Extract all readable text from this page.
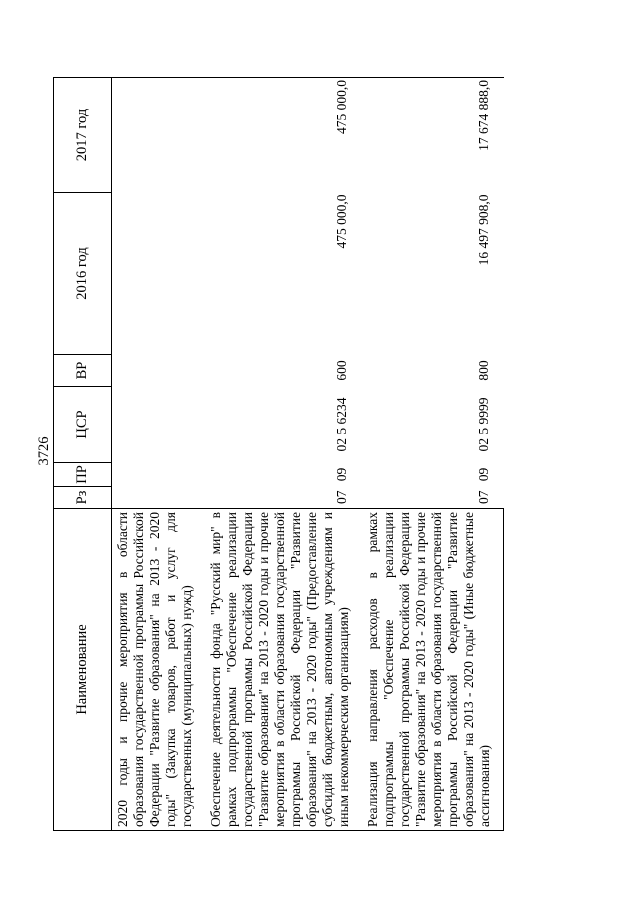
3726
Наименование	Рз	ПР	ЦСР	ВР	2016 год	2017 год
2020 годы и прочие мероприятия в области образования государственной программы Российской Федерации "Развитие образования" на 2013 - 2020 годы" (Закупка товаров, работ и услуг для государственных (муниципальных) нужд)						
Обеспечение деятельности фонда "Русский мир" в рамках подпрограммы "Обеспечение реализации государственной программы Российской Федерации "Развитие образования" на 2013 - 2020 годы и прочие мероприятия в области образования государственной программы Российской Федерации "Развитие образования" на 2013 - 2020 годы" (Предоставление субсидий бюджетным, автономным учреждениям и иным некоммерческим организациям)	07	09	02 5 6234	600	475 000,0	475 000,0
Реализация направления расходов в рамках подпрограммы "Обеспечение реализации государственной программы Российской Федерации "Развитие образования" на 2013 - 2020 годы и прочие мероприятия в области образования государственной программы Российской Федерации "Развитие образования" на 2013 - 2020 годы" (Иные бюджетные ассигнования)	07	09	02 5 9999	800	16 497 908,0	17 674 888,0
